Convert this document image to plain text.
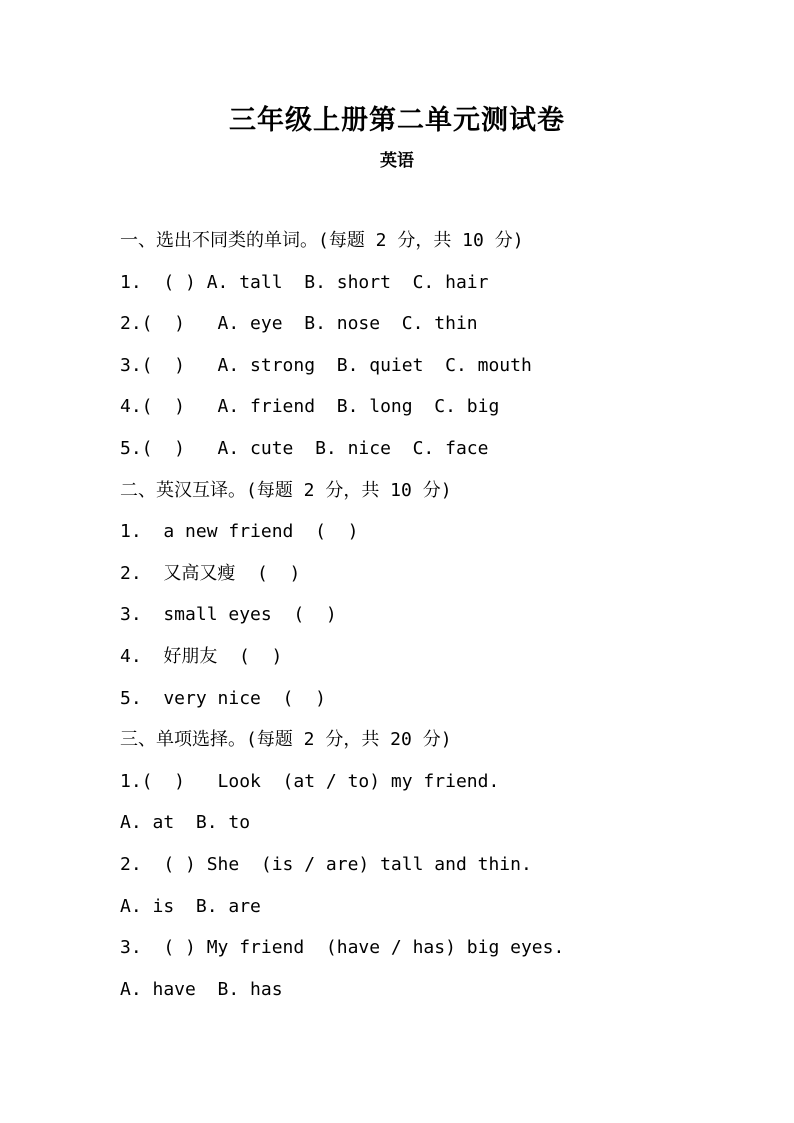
三年级上册第二单元测试卷
英语
一、选出不同类的单词。(每题 2 分，共 10 分)
1.  ( ) A. tall  B. short  C. hair
2.(  )   A. eye  B. nose  C. thin
3.(  )   A. strong  B. quiet  C. mouth
4.(  )   A. friend  B. long  C. big
5.(  )   A. cute  B. nice  C. face
二、英汉互译。(每题 2 分，共 10 分)
1.  a new friend  (  )
2.  又高又瘦  (  )
3.  small eyes  (  )
4.  好朋友  (  )
5.  very nice  (  )
三、单项选择。(每题 2 分，共 20 分)
1.(  )   Look  (at / to) my friend.
A. at  B. to
2.  ( ) She  (is / are) tall and thin.
A. is  B. are
3.  ( ) My friend  (have / has) big eyes.
A. have  B. has
